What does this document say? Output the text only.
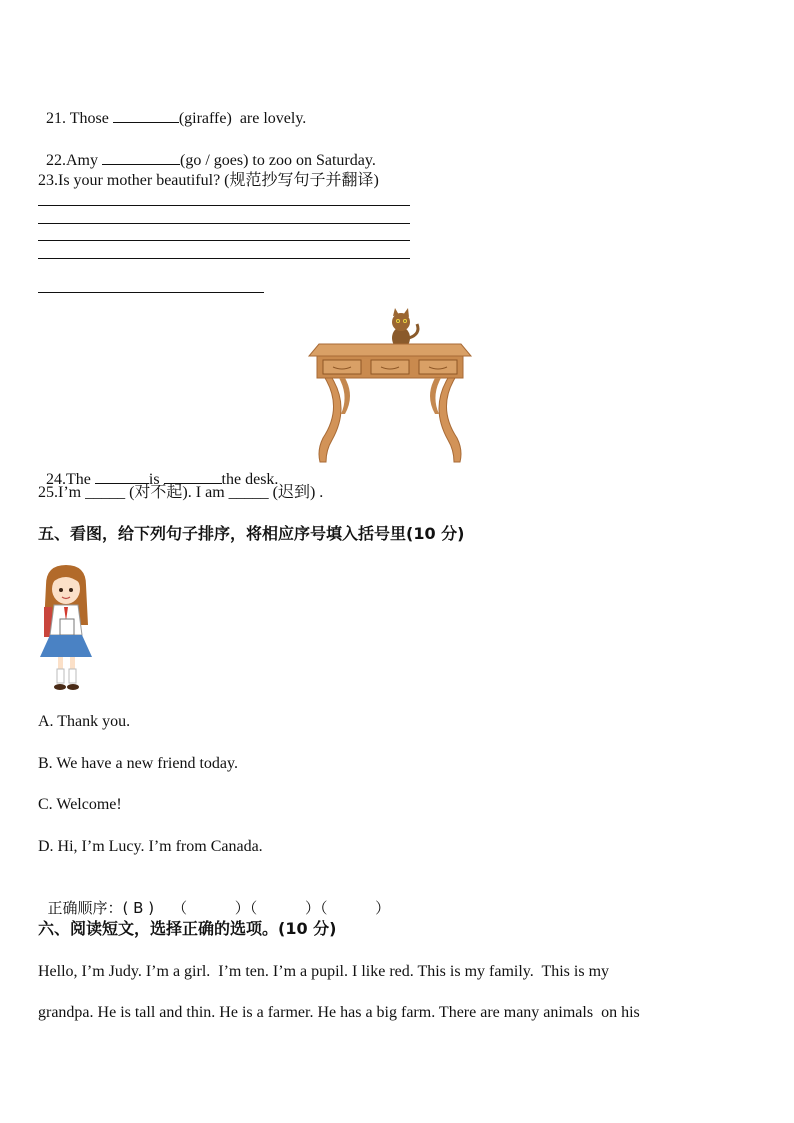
21. Those	(giraffe)  are lovely.

22.Amy	(go / goes) to zoo on Saturday.

23.Is your mother beautiful? (规范抄写句子并翻译)

24.The	is	the desk.

25.I’m _____ (对不起). I am _____ (迟到) .
五、看图，给下列句子排序，将相应序号填入括号里(10 分)
A. Thank you.
B. We have a new friend today.
C. Welcome!
D. Hi, I’m Lucy. I’m from Canada.

正确顺序：( B ) （          ）（          ）（          ）

六、阅读短文，选择正确的选项。(10 分)
Hello, I’m Judy. I’m a girl.  I’m ten. I’m a pupil. I like red. This is my family.  This is my
grandpa. He is tall and thin. He is a farmer. He has a big farm. There are many animals  on his
